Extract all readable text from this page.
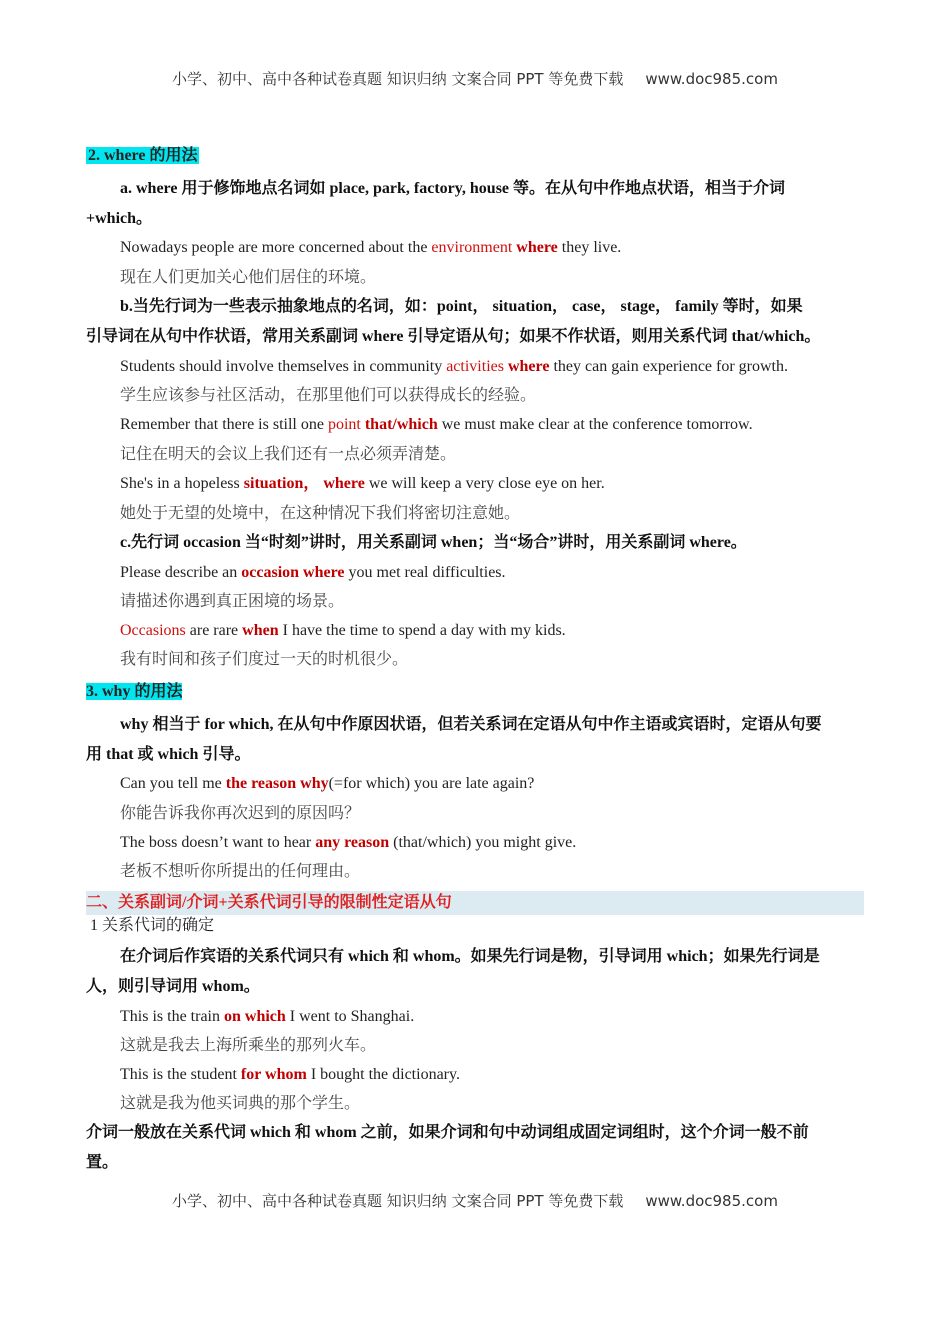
小学、初中、高中各种试卷真题 知识归纳 文案合同 PPT 等免费下载 www.doc985.com
2. where 的用法
a. where 用于修饰地点名词如 place, park, factory, house 等。在从句中作地点状语，相当于介词
+which。
Nowadays people are more concerned about the environment where they live.
现在人们更加关心他们居住的环境。
b.当先行词为一些表示抽象地点的名词，如：point， situation， case， stage， family 等时，如果
引导词在从句中作状语，常用关系副词 where 引导定语从句；如果不作状语，则用关系代词 that/which。
Students should involve themselves in community activities where they can gain experience for growth.
学生应该参与社区活动，在那里他们可以获得成长的经验。
Remember that there is still one point that/which we must make clear at the conference tomorrow.
记住在明天的会议上我们还有一点必须弄清楚。
She's in a hopeless situation， where we will keep a very close eye on her.
她处于无望的处境中，在这种情况下我们将密切注意她。
c.先行词 occasion 当“时刻”讲时，用关系副词 when；当“场合”讲时，用关系副词 where。
Please describe an occasion where you met real difficulties.
请描述你遇到真正困境的场景。
Occasions are rare when I have the time to spend a day with my kids.
我有时间和孩子们度过一天的时机很少。
3. why 的用法
why 相当于 for which, 在从句中作原因状语，但若关系词在定语从句中作主语或宾语时，定语从句要
用 that 或 which 引导。
Can you tell me the reason why(=for which) you are late again?
你能告诉我你再次迟到的原因吗？
The boss doesn’t want to hear any reason (that/which) you might give.
老板不想听你所提出的任何理由。
二、关系副词/介词+关系代词引导的限制性定语从句
1 关系代词的确定
在介词后作宾语的关系代词只有 which 和 whom。如果先行词是物，引导词用 which；如果先行词是
人，则引导词用 whom。
This is the train on which I went to Shanghai.
这就是我去上海所乘坐的那列火车。
This is the student for whom I bought the dictionary.
这就是我为他买词典的那个学生。
介词一般放在关系代词 which 和 whom 之前，如果介词和句中动词组成固定词组时，这个介词一般不前
置。
小学、初中、高中各种试卷真题 知识归纳 文案合同 PPT 等免费下载 www.doc985.com
